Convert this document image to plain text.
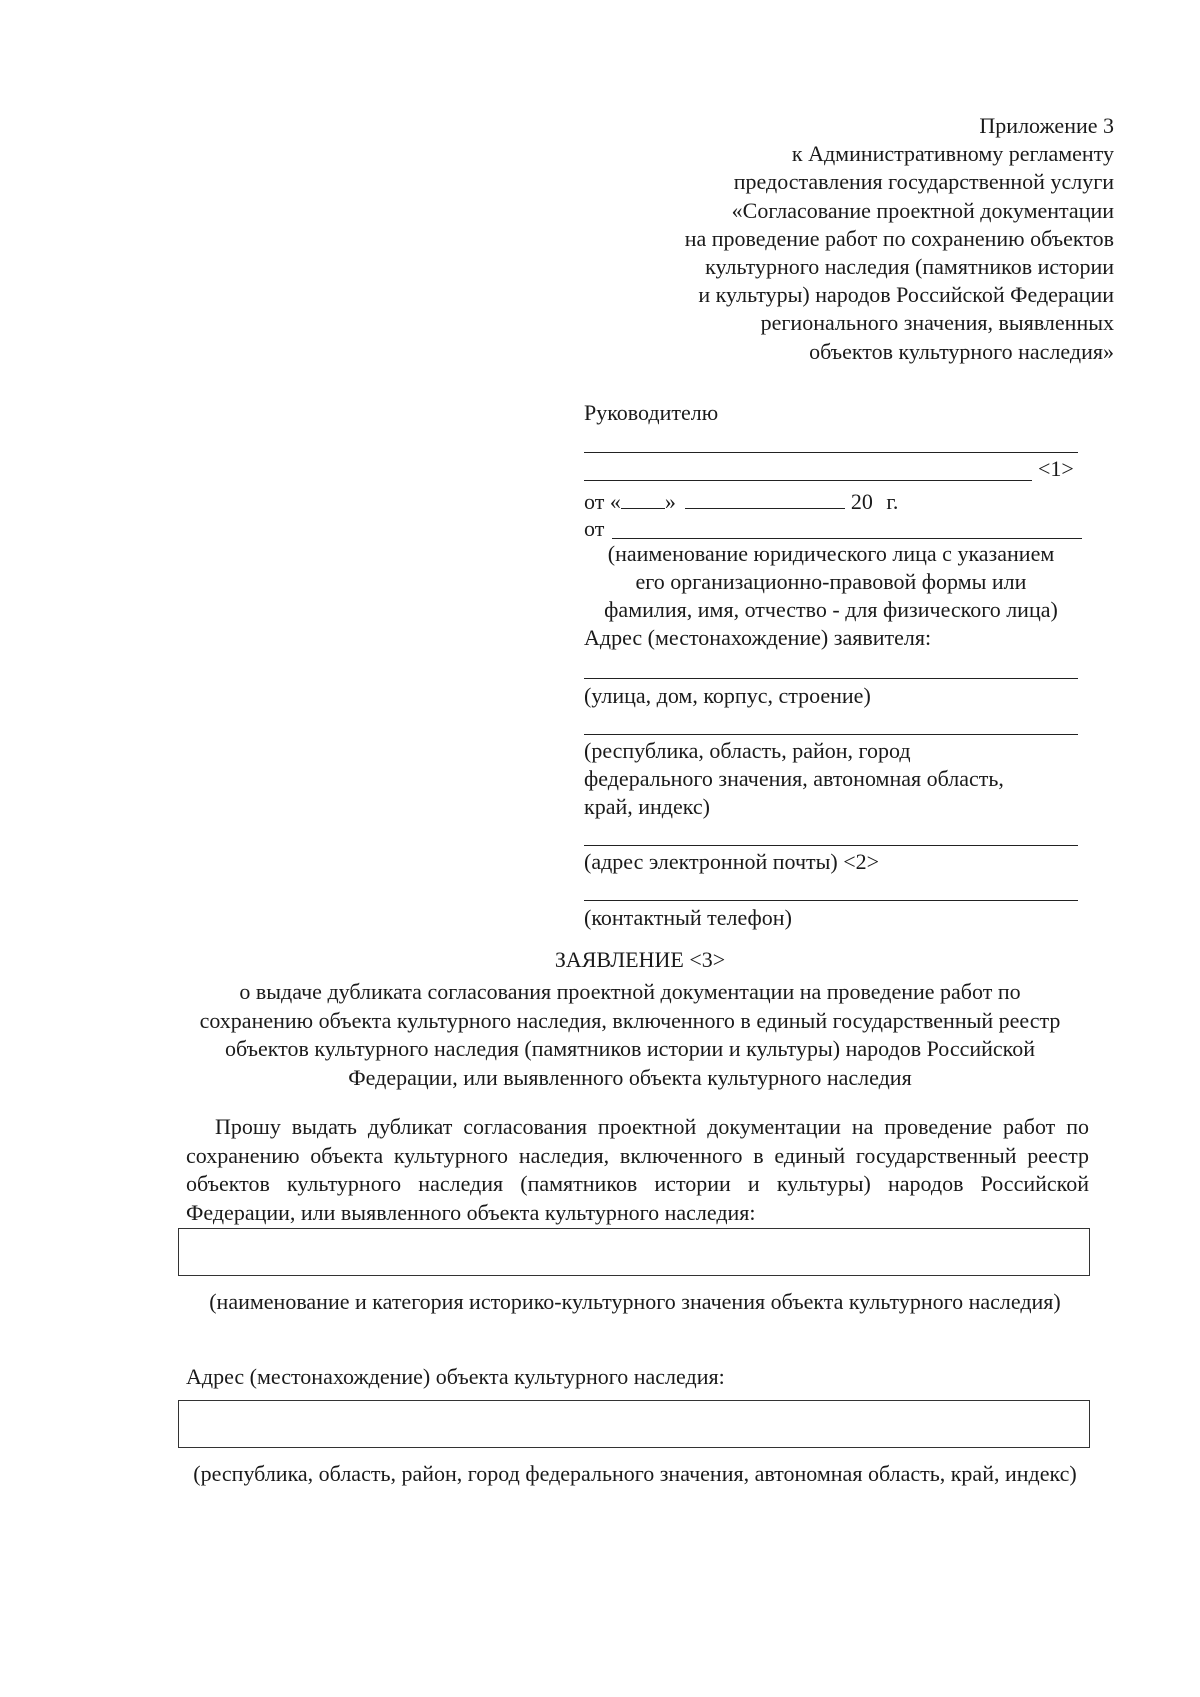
Приложение 3
к Административному регламенту
предоставления государственной услуги
«Согласование проектной документации
на проведение работ по сохранению объектов
культурного наследия (памятников истории
и культуры) народов Российской Федерации
регионального значения, выявленных
объектов культурного наследия»
Руководителю
<1>
от « »	20 г.
от
(наименование юридического лица с указанием
его организационно-правовой формы или
фамилия, имя, отчество - для физического лица)
Адрес (местонахождение) заявителя:
(улица, дом, корпус, строение)
(республика, область, район, город
федерального значения, автономная область,
край, индекс)
(адрес электронной почты) <2>
(контактный телефон)
ЗАЯВЛЕНИЕ <3>
о выдаче дубликата согласования проектной документации на проведение работ по сохранению объекта культурного наследия, включенного в единый государственный реестр объектов культурного наследия (памятников истории и культуры) народов Российской Федерации, или выявленного объекта культурного наследия
Прошу выдать дубликат согласования проектной документации на проведение работ по сохранению объекта культурного наследия, включенного в единый государственный реестр объектов культурного наследия (памятников истории и культуры) народов Российской Федерации, или выявленного объекта культурного наследия:
(наименование и категория историко-культурного значения объекта культурного наследия)
Адрес (местонахождение) объекта культурного наследия:
(республика, область, район, город федерального значения, автономная область, край, индекс)
